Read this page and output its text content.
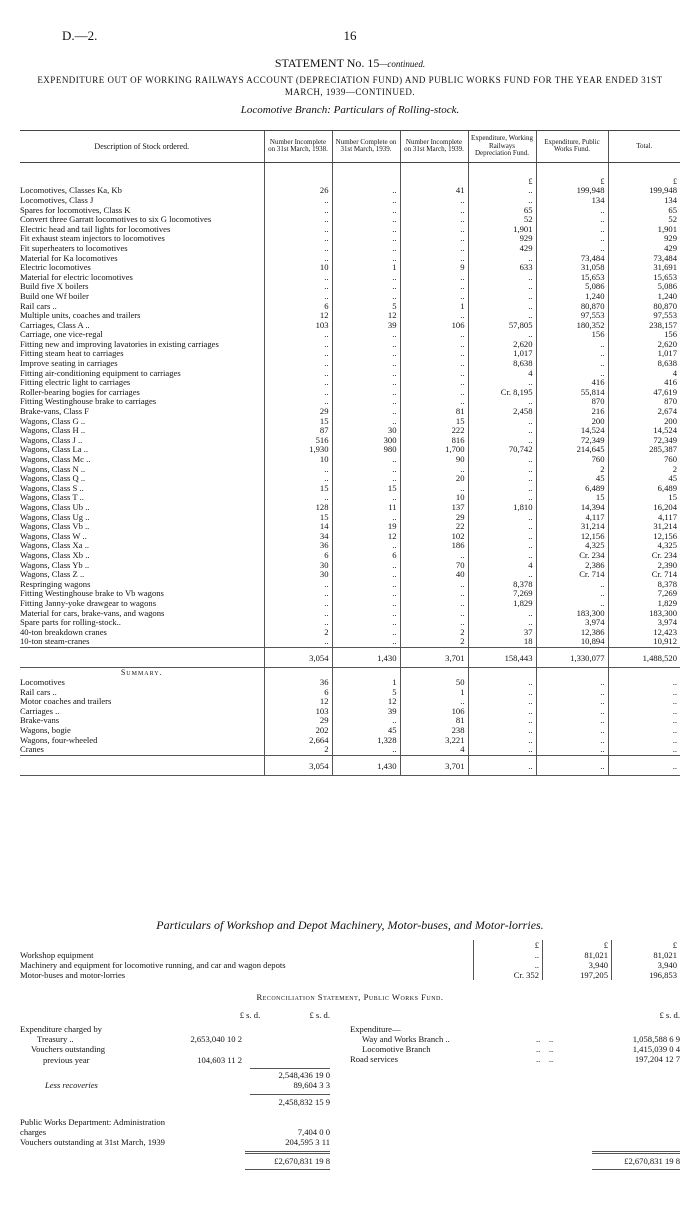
D.—2.	16
STATEMENT No. 15—continued.
EXPENDITURE OUT OF WORKING RAILWAYS ACCOUNT (DEPRECIATION FUND) AND PUBLIC WORKS FUND FOR THE YEAR ENDED 31ST MARCH, 1939—CONTINUED.
Locomotive Branch: Particulars of Rolling-stock.
Description of Stock ordered.	Number Incomplete on 31st March, 1938.	Number Complete on 31st March, 1939.	Number Incomplete on 31st March, 1939.	Expenditure, Working Railways Depreciation Fund.	Expenditure, Public Works Fund.	Total.
				£	£	£
Locomotives, Classes Ka, Kb	26	..	41	..	199,948	199,948
Locomotives, Class J	..	..	..	..	134	134
Spares for locomotives, Class K	..	..	..	65	..	65
Convert three Garratt locomotives to six G locomotives	..	..	..	52	..	52
Electric head and tail lights for locomotives	..	..	..	1,901	..	1,901
Fit exhaust steam injectors to locomotives	..	..	..	929	..	929
Fit superheaters to locomotives	..	..	..	429	..	429
Material for Ka locomotives	..	..	..	..	73,484	73,484
Electric locomotives	10	1	9	633	31,058	31,691
Material for electric locomotives	..	..	..	..	15,653	15,653
Build five X boilers	..	..	..	..	5,086	5,086
Build one Wf boiler	..	..	..	..	1,240	1,240
Rail cars ..	6	5	1	..	80,870	80,870
Multiple units, coaches and trailers	12	12	..	..	97,553	97,553
Carriages, Class A ..	103	39	106	57,805	180,352	238,157
Carriage, one vice-regal	..	..	..	..	156	156
Fitting new and improving lavatories in existing carriages	..	..	..	2,620	..	2,620
Fitting steam heat to carriages	..	..	..	1,017	..	1,017
Improve seating in carriages	..	..	..	8,638	..	8,638
Fitting air-conditioning equipment to carriages	..	..	..	4	..	4
Fitting electric light to carriages	..	..	..	..	416	416
Roller-bearing bogies for carriages	..	..	..	Cr. 8,195	55,814	47,619
Fitting Westinghouse brake to carriages	..	..	..	..	870	870
Brake-vans, Class F	29	..	81	2,458	216	2,674
Wagons, Class G ..	15	..	15	..	200	200
Wagons, Class H ..	87	30	222	..	14,524	14,524
Wagons, Class J ..	516	300	816	..	72,349	72,349
Wagons, Class La ..	1,930	980	1,700	70,742	214,645	285,387
Wagons, Class Mc ..	10	..	90	..	760	760
Wagons, Class N ..	..	..	..	..	2	2
Wagons, Class Q ..	..	..	20	..	45	45
Wagons, Class S ..	15	15	..	..	6,489	6,489
Wagons, Class T ..	..	..	10	..	15	15
Wagons, Class Ub ..	128	11	137	1,810	14,394	16,204
Wagons, Class Ug ..	15	..	29	..	4,117	4,117
Wagons, Class Vb ..	14	19	22	..	31,214	31,214
Wagons, Class W ..	34	12	102	..	12,156	12,156
Wagons, Class Xa ..	36	..	186	..	4,325	4,325
Wagons, Class Xb ..	6	6	..	..	Cr. 234	Cr. 234
Wagons, Class Yb ..	30	..	70	4	2,386	2,390
Wagons, Class Z ..	30	..	40	..	Cr. 714	Cr. 714
Respringing wagons	..	..	..	8,378	..	8,378
Fitting Westinghouse brake to Vb wagons	..	..	..	7,269	..	7,269
Fitting Janny-yoke drawgear to wagons	..	..	..	1,829	..	1,829
Material for cars, brake-vans, and wagons	..	..	..	..	183,300	183,300
Spare parts for rolling-stock..	..	..	..	..	3,974	3,974
40-ton breakdown cranes	2	..	2	37	12,386	12,423
10-ton steam-cranes	..	..	2	18	10,894	10,912
	3,054	1,430	3,701	158,443	1,330,077	1,488,520
Summary.						
Locomotives	36	1	50	..	..	..
Rail cars ..	6	5	1	..	..	..
Motor coaches and trailers	12	12	..	..	..	..
Carriages ..	103	39	106	..	..	..
Brake-vans	29	..	81	..	..	..
Wagons, bogie	202	45	238	..	..	..
Wagons, four-wheeled	2,664	1,328	3,221	..	..	..
Cranes	2	..	4	..	..	..
	3,054	1,430	3,701	..	..	..
Particulars of Workshop and Depot Machinery, Motor-buses, and Motor-lorries.
£	£	£
Workshop equipment	..	81,021	81,021
Machinery and equipment for locomotive running, and car and wagon depots	..	3,940	3,940
Motor-buses and motor-lorries	Cr. 352	197,205	196,853
Reconciliation Statement, Public Works Fund.
£ s. d.	£ s. d.
Expenditure charged by
Treasury ..	2,653,040 10 2
Vouchers outstanding
previous year	104,603 11 2
2,548,436 19 0
Less recoveries	89,604 3 3
2,458,832 15 9
Public Works Department: Administration
charges	7,404 0 0
Vouchers outstanding at 31st March, 1939	204,595 3 11
£2,670,831 19 8
£ s. d.
Expenditure—
Way and Works Branch ..	..    ..	1,058,588 6 9
Locomotive Branch	..    ..	1,415,039 0 4
Road services	..    ..	197,204 12 7
£2,670,831 19 8
